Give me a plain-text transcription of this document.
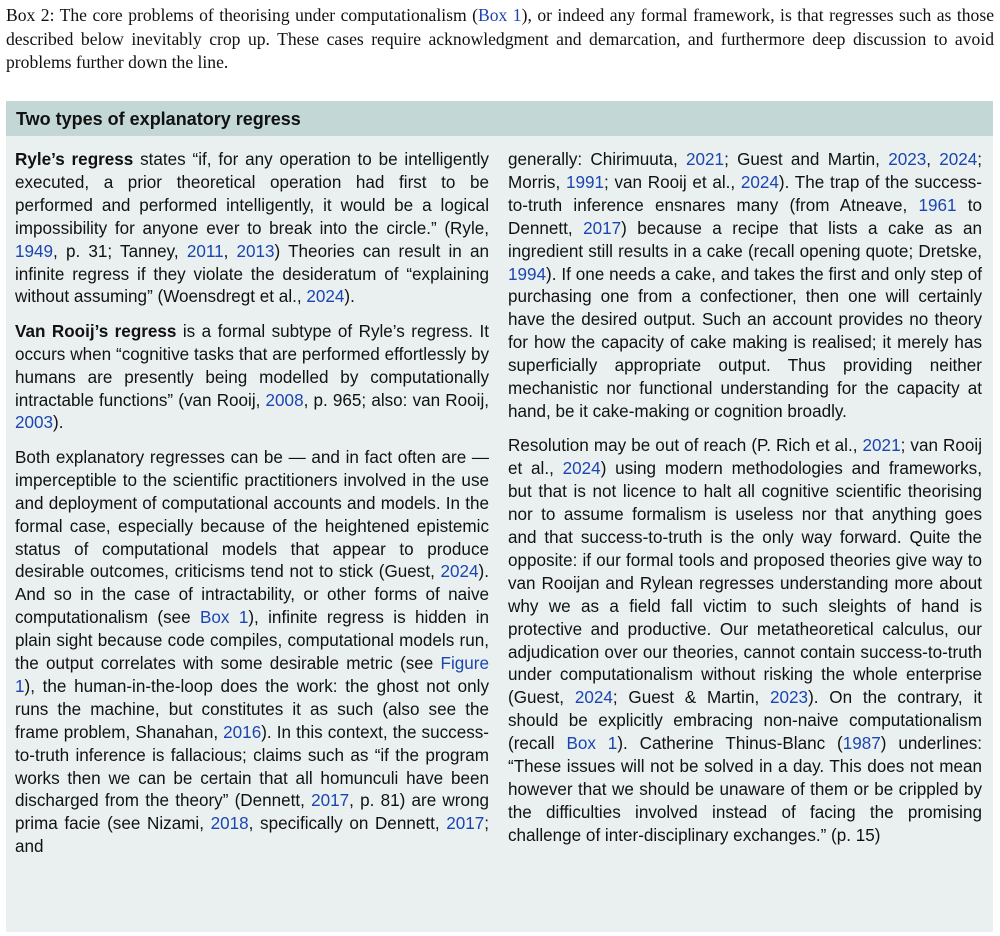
Box 2: The core problems of theorising under computationalism (Box 1), or indeed any formal framework, is that regresses such as those described below inevitably crop up. These cases require acknowledgment and demarcation, and furthermore deep discussion to avoid problems further down the line.
Two types of explanatory regress

Ryle’s regress states “if, for any operation to be intelligently executed, a prior theoretical operation had first to be performed and performed intelligently, it would be a logical impossibility for anyone ever to break into the circle.” (Ryle, 1949, p. 31; Tanney, 2011, 2013) Theories can result in an infinite regress if they violate the desideratum of “explaining without assuming” (Woensdregt et al., 2024).

Van Rooij’s regress is a formal subtype of Ryle’s regress. It occurs when “cognitive tasks that are performed effortlessly by humans are presently being modelled by computationally intractable functions” (van Rooij, 2008, p. 965; also: van Rooij, 2003).

Both explanatory regresses can be — and in fact often are — imperceptible to the scientific practitioners involved in the use and deployment of computational accounts and models. In the formal case, especially because of the heightened epistemic status of computational models that appear to produce desirable outcomes, criticisms tend not to stick (Guest, 2024). And so in the case of intractability, or other forms of naive computationalism (see Box 1), infinite regress is hidden in plain sight because code compiles, computational models run, the output correlates with some desirable metric (see Figure 1), the human-in-the-loop does the work: the ghost not only runs the machine, but constitutes it as such (also see the frame problem, Shanahan, 2016). In this context, the success-to-truth inference is fallacious; claims such as “if the program works then we can be certain that all homunculi have been discharged from the theory” (Dennett, 2017, p. 81) are wrong prima facie (see Nizami, 2018, specifically on Dennett, 2017; and

generally: Chirimuuta, 2021; Guest and Martin, 2023, 2024; Morris, 1991; van Rooij et al., 2024). The trap of the success-to-truth inference ensnares many (from Atneave, 1961 to Dennett, 2017) because a recipe that lists a cake as an ingredient still results in a cake (recall opening quote; Dretske, 1994). If one needs a cake, and takes the first and only step of purchasing one from a confectioner, then one will certainly have the desired output. Such an account provides no theory for how the capacity of cake making is realised; it merely has superficially appropriate output. Thus providing neither mechanistic nor functional understanding for the capacity at hand, be it cake-making or cognition broadly.

Resolution may be out of reach (P. Rich et al., 2021; van Rooij et al., 2024) using modern methodologies and frameworks, but that is not licence to halt all cognitive scientific theorising nor to assume formalism is useless nor that anything goes and that success-to-truth is the only way forward. Quite the opposite: if our formal tools and proposed theories give way to van Rooijan and Rylean regresses understanding more about why we as a field fall victim to such sleights of hand is protective and productive. Our metatheoretical calculus, our adjudication over our theories, cannot contain success-to-truth under computationalism without risking the whole enterprise (Guest, 2024; Guest & Martin, 2023). On the contrary, it should be explicitly embracing non-naive computationalism (recall Box 1). Catherine Thinus-Blanc (1987) underlines: “These issues will not be solved in a day. This does not mean however that we should be unaware of them or be crippled by the difficulties involved instead of facing the promising challenge of inter-disciplinary exchanges.” (p. 15)
